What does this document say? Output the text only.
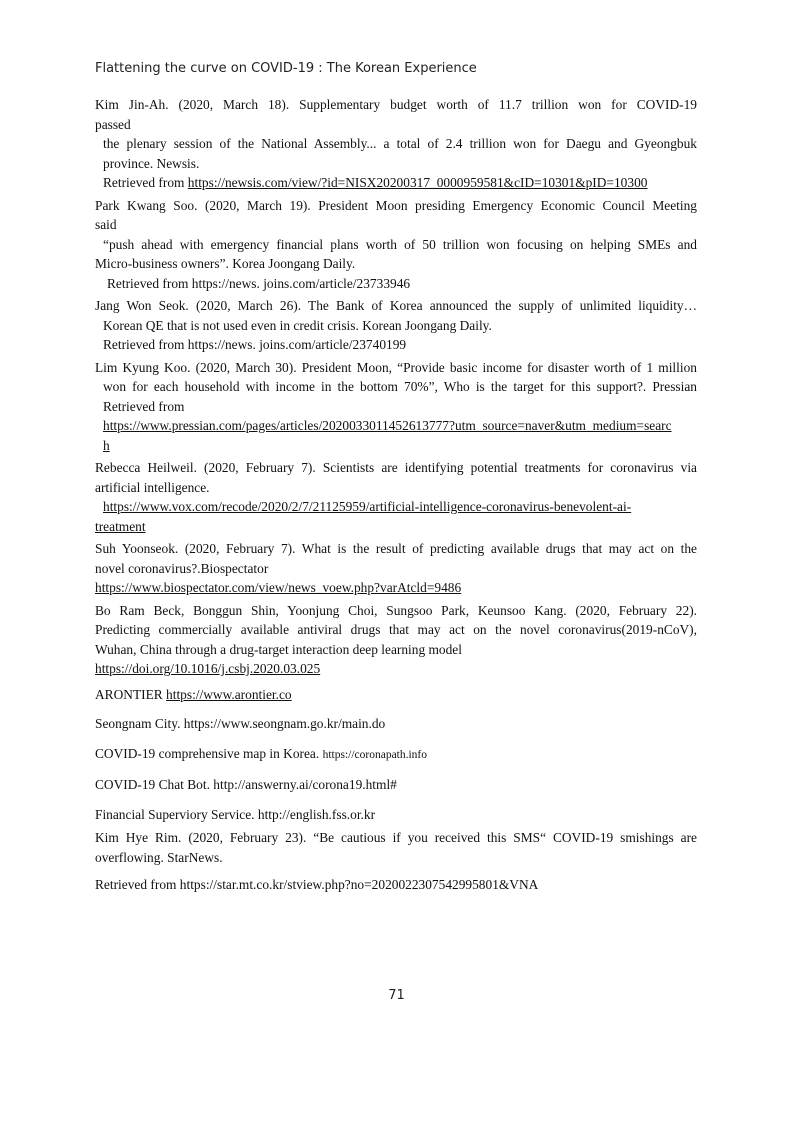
Flattening the curve on COVID-19 : The Korean Experience
Kim Jin-Ah. (2020, March 18). Supplementary budget worth of 11.7 trillion won for COVID-19
passed
the plenary session of the National Assembly... a total of 2.4 trillion won for Daegu and Gyeongbuk
province. Newsis.
Retrieved from https://newsis.com/view/?id=NISX20200317_0000959581&cID=10301&pID=10300
Park Kwang Soo. (2020, March 19). President Moon presiding Emergency Economic Council Meeting
said
“push ahead with emergency financial plans worth of 50 trillion won focusing on helping SMEs and
Micro-business owners”. Korea Joongang Daily.
Retrieved from https://news. joins.com/article/23733946
Jang Won Seok. (2020, March 26). The Bank of Korea announced the supply of unlimited liquidity…
Korean QE that is not used even in credit crisis. Korean Joongang Daily.
Retrieved from https://news. joins.com/article/23740199
Lim Kyung Koo. (2020, March 30). President Moon, “Provide basic income for disaster worth of 1 million
won for each household with income in the bottom 70%”, Who is the target for this support?. Pressian
Retrieved from
https://www.pressian.com/pages/articles/2020033011452613777?utm_source=naver&utm_medium=searc
h
Rebecca Heilweil. (2020, February 7). Scientists are identifying potential treatments for coronavirus via
artificial intelligence.
https://www.vox.com/recode/2020/2/7/21125959/artificial-intelligence-coronavirus-benevolent-ai-
treatment
Suh Yoonseok. (2020, February 7). What is the result of predicting available drugs that may act on the
novel coronavirus?.Biospectator
https://www.biospectator.com/view/news_voew.php?varAtcld=9486
Bo Ram Beck, Bonggun Shin, Yoonjung Choi, Sungsoo Park, Keunsoo Kang. (2020, February 22).
Predicting commercially available antiviral drugs that may act on the novel coronavirus(2019-nCoV),
Wuhan, China through a drug-target interaction deep learning model
https://doi.org/10.1016/j.csbj.2020.03.025
ARONTIER https://www.arontier.co
Seongnam City. https://www.seongnam.go.kr/main.do
COVID-19 comprehensive map in Korea. https://coronapath.info
COVID-19 Chat Bot. http://answerny.ai/corona19.html#
Financial Superviory Service. http://english.fss.or.kr
Kim Hye Rim. (2020, February 23). “Be cautious if you received this SMS“ COVID-19 smishings are
overflowing. StarNews.
Retrieved from https://star.mt.co.kr/stview.php?no=2020022307542995801&VNA
71
